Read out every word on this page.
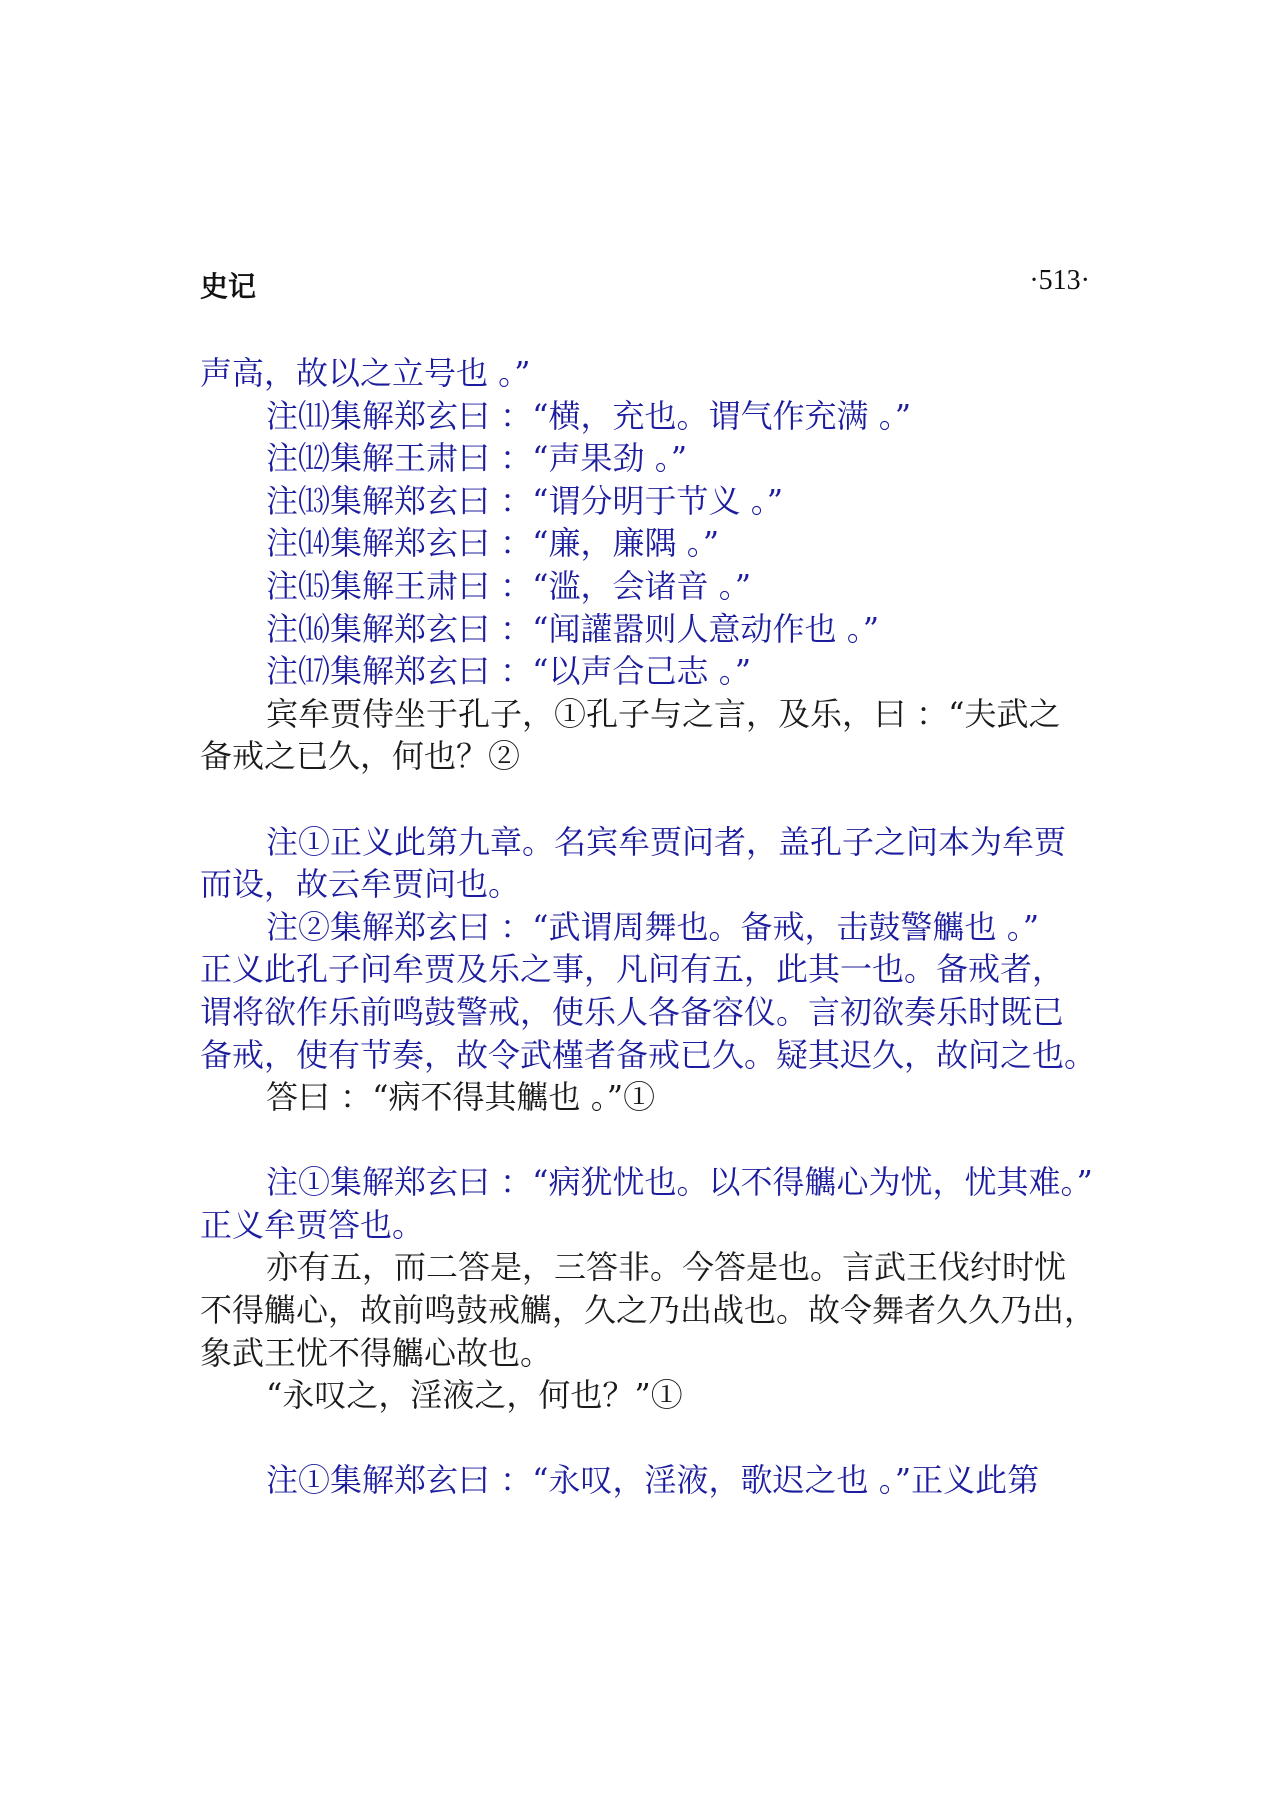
史记	·513·
声高，故以之立号也 。”
注⑾集解郑玄曰 ：“横，充也。谓气作充满 。”
注⑿集解王肃曰 ：“声果劲 。”
注⒀集解郑玄曰 ：“谓分明于节义 。”
注⒁集解郑玄曰 ：“廉，廉隅 。”
注⒂集解王肃曰 ：“滥，会诸音 。”
注⒃集解郑玄曰 ：“闻讙嚣则人意动作也 。”
注⒄集解郑玄曰 ：“以声合己志 。”
宾牟贾侍坐于孔子，①孔子与之言，及乐，曰 ：“夫武之
备戒之已久，何也？②
注①正义此第九章。名宾牟贾问者，盖孔子之问本为牟贾
而设，故云牟贾问也。
注②集解郑玄曰 ：“武谓周舞也。备戒，击鼓警觽也 。”
正义此孔子问牟贾及乐之事，凡问有五，此其一也。备戒者，
谓将欲作乐前鸣鼓警戒，使乐人各备容仪。言初欲奏乐时既已
备戒，使有节奏，故令武槿者备戒已久。疑其迟久，故问之也。
答曰 ：“病不得其觽也 。”①
注①集解郑玄曰 ：“病犹忧也。以不得觽心为忧，忧其难。”
正义牟贾答也。
亦有五，而二答是，三答非。今答是也。言武王伐纣时忧
不得觽心，故前鸣鼓戒觽，久之乃出战也。故令舞者久久乃出，
象武王忧不得觽心故也。
“永叹之，淫液之，何也？”①
注①集解郑玄曰 ：“永叹，淫液，歌迟之也 。”正义此第
